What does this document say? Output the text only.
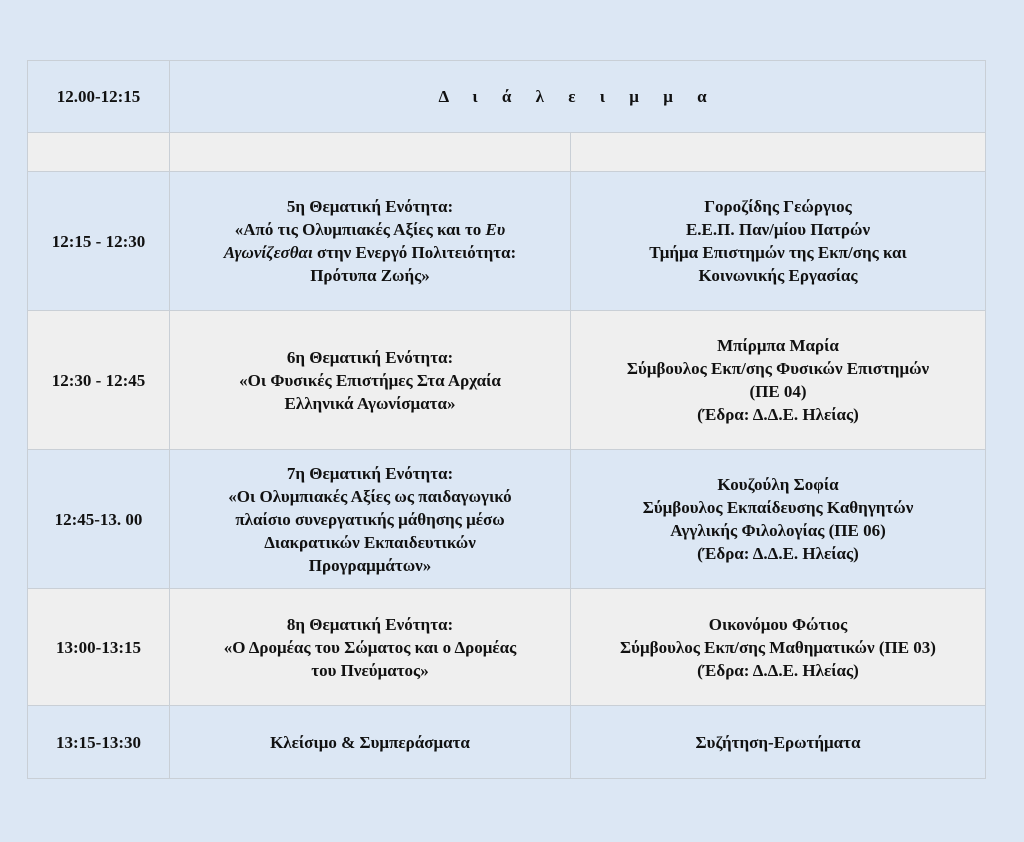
12.00-12:15	Δ ι ά λ ε ι μ μ α	

12:15 - 12:30	5η Θεματική Ενότητα:
«Από τις Ολυμπιακές Αξίες και το Ευ
Αγωνίζεσθαι στην Ενεργό Πολιτειότητα:
Πρότυπα Ζωής»	Γοροζίδης Γεώργιος
Ε.Ε.Π. Παν/μίου Πατρών
Τμήμα Επιστημών της Εκπ/σης και
Κοινωνικής Εργασίας

12:30 - 12:45	6η Θεματική Ενότητα:
«Οι Φυσικές Επιστήμες Στα Αρχαία
Ελληνικά Αγωνίσματα»	Μπίρμπα Μαρία
Σύμβουλος Εκπ/σης Φυσικών Επιστημών
(ΠΕ 04)
(Έδρα: Δ.Δ.Ε. Ηλείας)

12:45-13. 00	7η Θεματική Ενότητα:
«Οι Ολυμπιακές Αξίες ως παιδαγωγικό
πλαίσιο συνεργατικής μάθησης μέσω
Διακρατικών Εκπαιδευτικών
Προγραμμάτων»	Κουζούλη Σοφία
Σύμβουλος Εκπαίδευσης Καθηγητών
Αγγλικής Φιλολογίας (ΠΕ 06)
(Έδρα: Δ.Δ.Ε. Ηλείας)

13:00-13:15	8η Θεματική Ενότητα:
«Ο Δρομέας του Σώματος και ο Δρομέας
του Πνεύματος»	Οικονόμου Φώτιος
Σύμβουλος Εκπ/σης Μαθηματικών (ΠΕ 03)
(Έδρα: Δ.Δ.Ε. Ηλείας)

13:15-13:30	Κλείσιμο & Συμπεράσματα	Συζήτηση-Ερωτήματα
